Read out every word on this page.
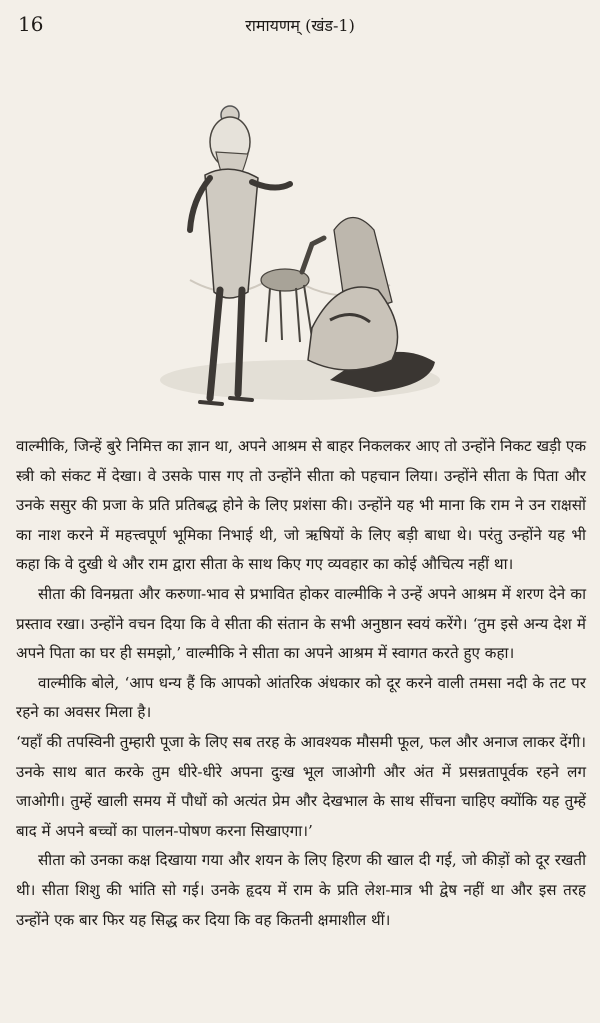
16	रामायणम् (खंड-1)

वाल्मीकि, जिन्हें बुरे निमित्त का ज्ञान था, अपने आश्रम से बाहर निकलकर आए तो उन्होंने निकट खड़ी एक स्त्री को संकट में देखा। वे उसके पास गए तो उन्होंने सीता को पहचान लिया। उन्होंने सीता के पिता और उनके ससुर की प्रजा के प्रति प्रतिबद्ध होने के लिए प्रशंसा की। उन्होंने यह भी माना कि राम ने उन राक्षसों का नाश करने में महत्त्वपूर्ण भूमिका निभाई थी, जो ऋषियों के लिए बड़ी बाधा थे। परंतु उन्होंने यह भी कहा कि वे दुखी थे और राम द्वारा सीता के साथ किए गए व्यवहार का कोई औचित्य नहीं था।

सीता की विनम्रता और करुणा-भाव से प्रभावित होकर वाल्मीकि ने उन्हें अपने आश्रम में शरण देने का प्रस्ताव रखा। उन्होंने वचन दिया कि वे सीता की संतान के सभी अनुष्ठान स्वयं करेंगे। ‘तुम इसे अन्य देश में अपने पिता का घर ही समझो,’ वाल्मीकि ने सीता का अपने आश्रम में स्वागत करते हुए कहा।

वाल्मीकि बोले, ‘आप धन्य हैं कि आपको आंतरिक अंधकार को दूर करने वाली तमसा नदी के तट पर रहने का अवसर मिला है।

‘यहाँ की तपस्विनी तुम्हारी पूजा के लिए सब तरह के आवश्यक मौसमी फूल, फल और अनाज लाकर देंगी। उनके साथ बात करके तुम धीरे-धीरे अपना दुःख भूल जाओगी और अंत में प्रसन्नतापूर्वक रहने लग जाओगी। तुम्हें खाली समय में पौधों को अत्यंत प्रेम और देखभाल के साथ सींचना चाहिए क्योंकि यह तुम्हें बाद में अपने बच्चों का पालन-पोषण करना सिखाएगा।’

सीता को उनका कक्ष दिखाया गया और शयन के लिए हिरण की खाल दी गई, जो कीड़ों को दूर रखती थी। सीता शिशु की भांति सो गई। उनके हृदय में राम के प्रति लेश-मात्र भी द्वेष नहीं था और इस तरह उन्होंने एक बार फिर यह सिद्ध कर दिया कि वह कितनी क्षमाशील थीं।
